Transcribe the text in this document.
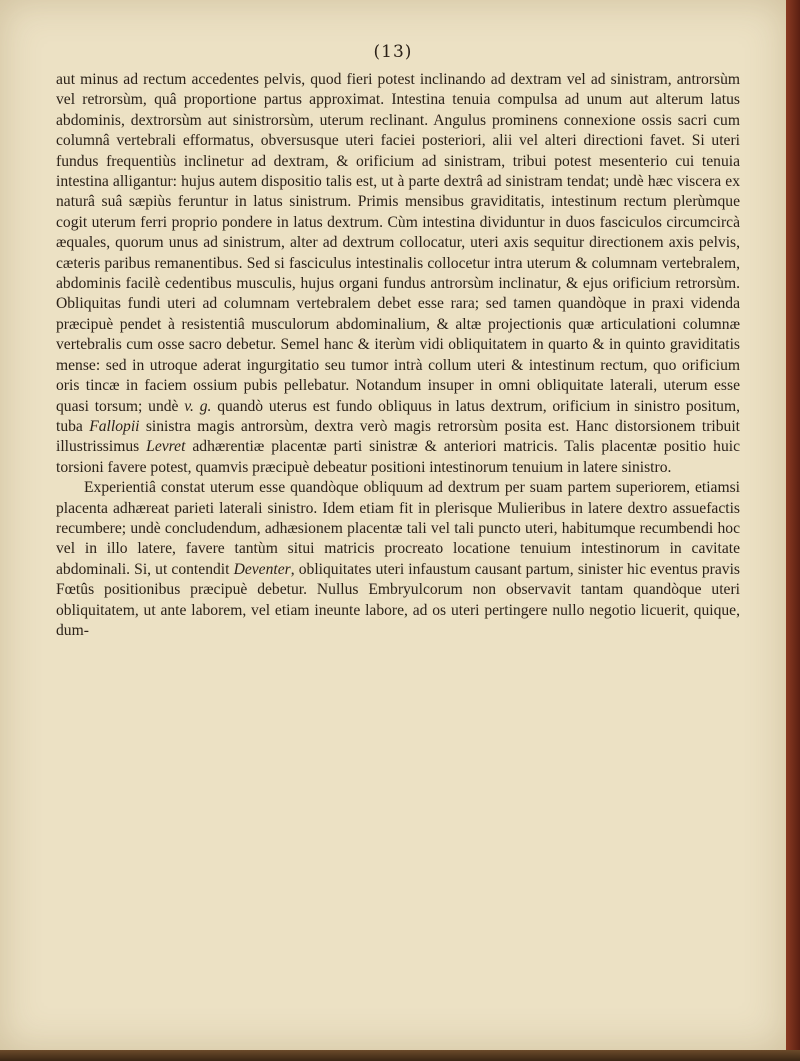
(13)

aut minus ad rectum accedentes pelvis, quod fieri potest inclinando ad dextram vel ad sinistram, antrorsùm vel retrorsùm, quâ proportione partus approximat. Intestina tenuia compulsa ad unum aut alterum latus abdominis, dextrorsùm aut sinistrorsùm, uterum reclinant. Angulus prominens connexione ossis sacri cum columnâ vertebrali efformatus, obversusque uteri faciei posteriori, alii vel alteri directioni favet. Si uteri fundus frequentiùs inclinetur ad dextram, & orificium ad sinistram, tribui potest mesenterio cui tenuia intestina alligantur: hujus autem dispositio talis est, ut à parte dextrâ ad sinistram tendat; undè hæc viscera ex naturâ suâ sæpiùs feruntur in latus sinistrum. Primis mensibus graviditatis, intestinum rectum plerùmque cogit uterum ferri proprio pondere in latus dextrum. Cùm intestina dividuntur in duos fasciculos circumcircà æquales, quorum unus ad sinistrum, alter ad dextrum collocatur, uteri axis sequitur directionem axis pelvis, cæteris paribus remanentibus. Sed si fasciculus intestinalis collocetur intra uterum & columnam vertebralem, abdominis facilè cedentibus musculis, hujus organi fundus antrorsùm inclinatur, & ejus orificium retrorsùm. Obliquitas fundi uteri ad columnam vertebralem debet esse rara; sed tamen quandòque in praxi videnda præcipuè pendet à resistentiâ musculorum abdominalium, & altæ projectionis quæ articulationi columnæ vertebralis cum osse sacro debetur. Semel hanc & iterùm vidi obliquitatem in quarto & in quinto graviditatis mense: sed in utroque aderat ingurgitatio seu tumor intrà collum uteri & intestinum rectum, quo orificium oris tincæ in faciem ossium pubis pellebatur. Notandum insuper in omni obliquitate laterali, uterum esse quasi torsum; undè v. g. quandò uterus est fundo obliquus in latus dextrum, orificium in sinistro positum, tuba Fallopii sinistra magis antrorsùm, dextra verò magis retrorsùm posita est. Hanc distorsionem tribuit illustrissimus Levret adhærentiæ placentæ parti sinistræ & anteriori matricis. Talis placentæ positio huic torsioni favere potest, quamvis præcipuè debeatur positioni intestinorum tenuium in latere sinistro.

Experientiâ constat uterum esse quandòque obliquum ad dextrum per suam partem superiorem, etiamsi placenta adhæreat parieti laterali sinistro. Idem etiam fit in plerisque Mulieribus in latere dextro assuefactis recumbere; undè concludendum, adhæsionem placentæ tali vel tali puncto uteri, habitumque recumbendi hoc vel in illo latere, favere tantùm situi matricis procreato locatione tenuium intestinorum in cavitate abdominali. Si, ut contendit Deventer, obliquitates uteri infaustum causant partum, sinister hic eventus pravis Fœtûs positionibus præcipuè debetur. Nullus Embryulcorum non observavit tantam quandòque uteri obliquitatem, ut ante laborem, vel etiam ineunte labore, ad os uteri pertingere nullo negotio licuerit, quique, dum-
